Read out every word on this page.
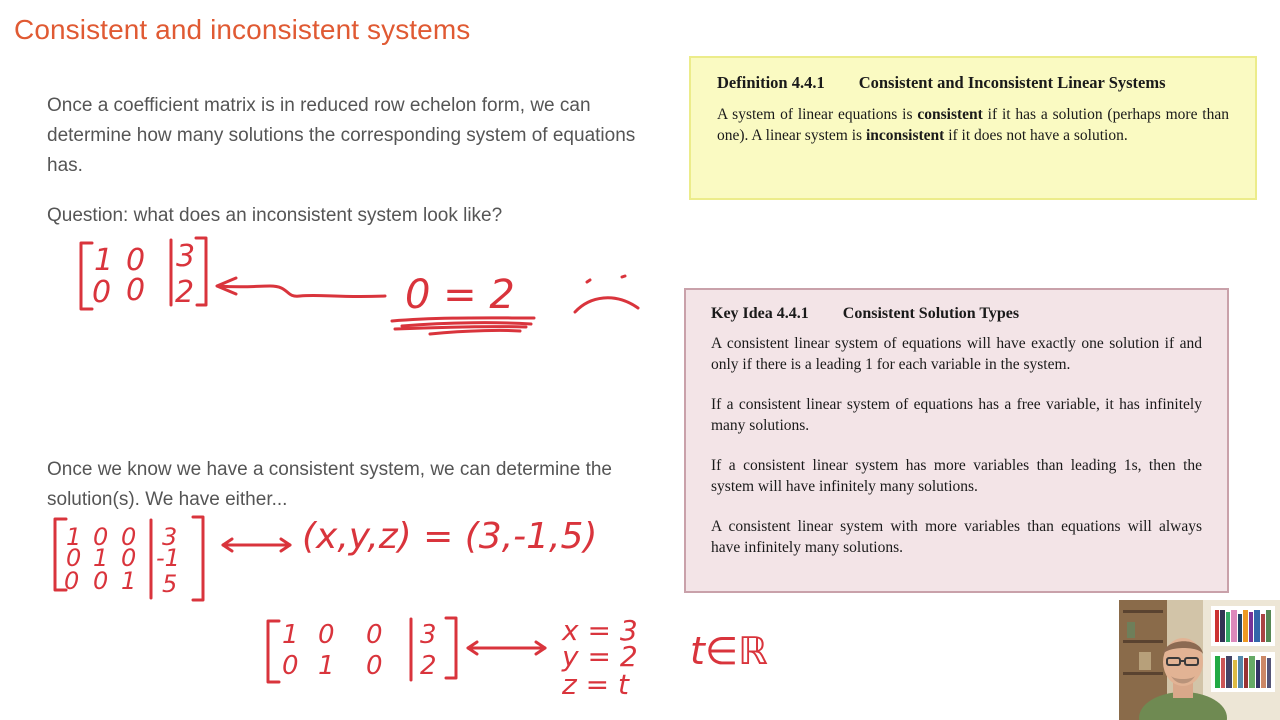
Consistent and inconsistent systems
Once a coefficient matrix is in reduced row echelon form, we can determine how many solutions the corresponding system of equations has.
Question: what does an inconsistent system look like?
Once we know we have a consistent system, we can determine the solution(s). We have either...
Definition 4.4.1 Consistent and Inconsistent Linear Systems
A system of linear equations is consistent if it has a solution (perhaps more than one). A linear system is inconsistent if it does not have a solution.
Key Idea 4.4.1 Consistent Solution Types
A consistent linear system of equations will have exactly one solution if and only if there is a leading 1 for each variable in the system.
If a consistent linear system of equations has a free variable, it has infinitely many solutions.
If a consistent linear system has more variables than leading 1s, then the system will have infinitely many solutions.
A consistent linear system with more variables than equations will always have infinitely many solutions.
1 0 3
0 0 2	0 = 2
1 0 0 3
0 1 0 -1
0 0 1 5
(x,y,z) = (3,-1,5)
1 0 0 3
0 1 0 2
x = 3
y = 2
z = t
t∈ℝ
